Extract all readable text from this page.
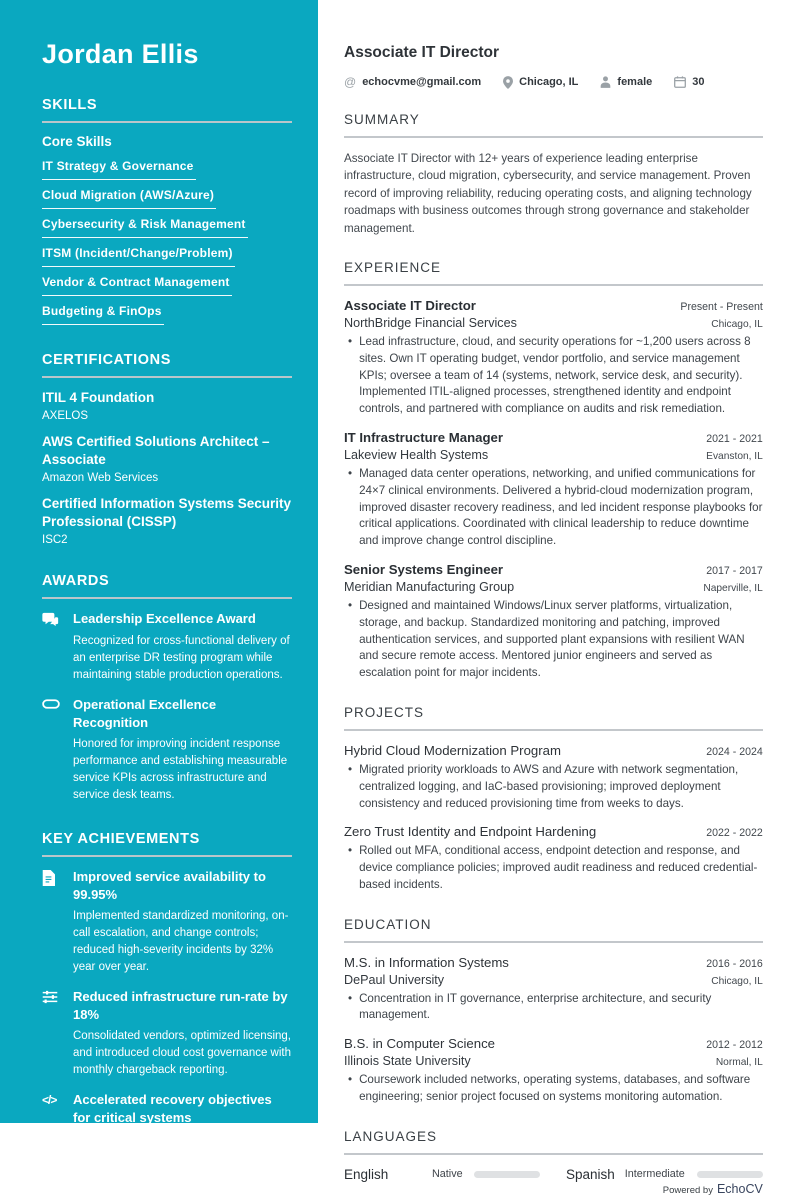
Jordan Ellis
SKILLS
Core Skills
IT Strategy & Governance
Cloud Migration (AWS/Azure)
Cybersecurity & Risk Management
ITSM (Incident/Change/Problem)
Vendor & Contract Management
Budgeting & FinOps
CERTIFICATIONS
ITIL 4 Foundation
AXELOS
AWS Certified Solutions Architect – Associate
Amazon Web Services
Certified Information Systems Security Professional (CISSP)
ISC2
AWARDS
Leadership Excellence Award
Recognized for cross-functional delivery of an enterprise DR testing program while maintaining stable production operations.
Operational Excellence Recognition
Honored for improving incident response performance and establishing measurable service KPIs across infrastructure and service desk teams.
KEY ACHIEVEMENTS
Improved service availability to 99.95%
Implemented standardized monitoring, on-call escalation, and change controls; reduced high-severity incidents by 32% year over year.
Reduced infrastructure run-rate by 18%
Consolidated vendors, optimized licensing, and introduced cloud cost governance with monthly chargeback reporting.
</> Accelerated recovery objectives for critical systems
Delivered DR improvements and testing cadence, achieving a 4-hour RTO for tier-1 applications and repeatable restoration procedures.
Associate IT Director
@ echocvme@gmail.com	Chicago, IL	female	30
SUMMARY

Associate IT Director with 12+ years of experience leading enterprise infrastructure, cloud migration, cybersecurity, and service management. Proven record of improving reliability, reducing operating costs, and aligning technology roadmaps with business outcomes through strong governance and stakeholder management.

EXPERIENCE
Associate IT Director	Present - Present
NorthBridge Financial Services	Chicago, IL
• Lead infrastructure, cloud, and security operations for ~1,200 users across 8 sites. Own IT operating budget, vendor portfolio, and service management KPIs; oversee a team of 14 (systems, network, service desk, and security). Implemented ITIL-aligned processes, strengthened identity and endpoint controls, and partnered with compliance on audits and risk remediation.
IT Infrastructure Manager	2021 - 2021
Lakeview Health Systems	Evanston, IL
• Managed data center operations, networking, and unified communications for 24×7 clinical environments. Delivered a hybrid-cloud modernization program, improved disaster recovery readiness, and led incident response playbooks for critical applications. Coordinated with clinical leadership to reduce downtime and improve change control discipline.
Senior Systems Engineer	2017 - 2017
Meridian Manufacturing Group	Naperville, IL
• Designed and maintained Windows/Linux server platforms, virtualization, storage, and backup. Standardized monitoring and patching, improved authentication services, and supported plant expansions with resilient WAN and secure remote access. Mentored junior engineers and served as escalation point for major incidents.
PROJECTS
Hybrid Cloud Modernization Program	2024 - 2024
• Migrated priority workloads to AWS and Azure with network segmentation, centralized logging, and IaC-based provisioning; improved deployment consistency and reduced provisioning time from weeks to days.
Zero Trust Identity and Endpoint Hardening	2022 - 2022
• Rolled out MFA, conditional access, endpoint detection and response, and device compliance policies; improved audit readiness and reduced credential-based incidents.
EDUCATION
M.S. in Information Systems	2016 - 2016
DePaul University	Chicago, IL
• Concentration in IT governance, enterprise architecture, and security management.
B.S. in Computer Science	2012 - 2012
Illinois State University	Normal, IL
• Coursework included networks, operating systems, databases, and software engineering; senior project focused on systems monitoring automation.
LANGUAGES
English	Native	Spanish Intermediate
Powered by EchoCV
